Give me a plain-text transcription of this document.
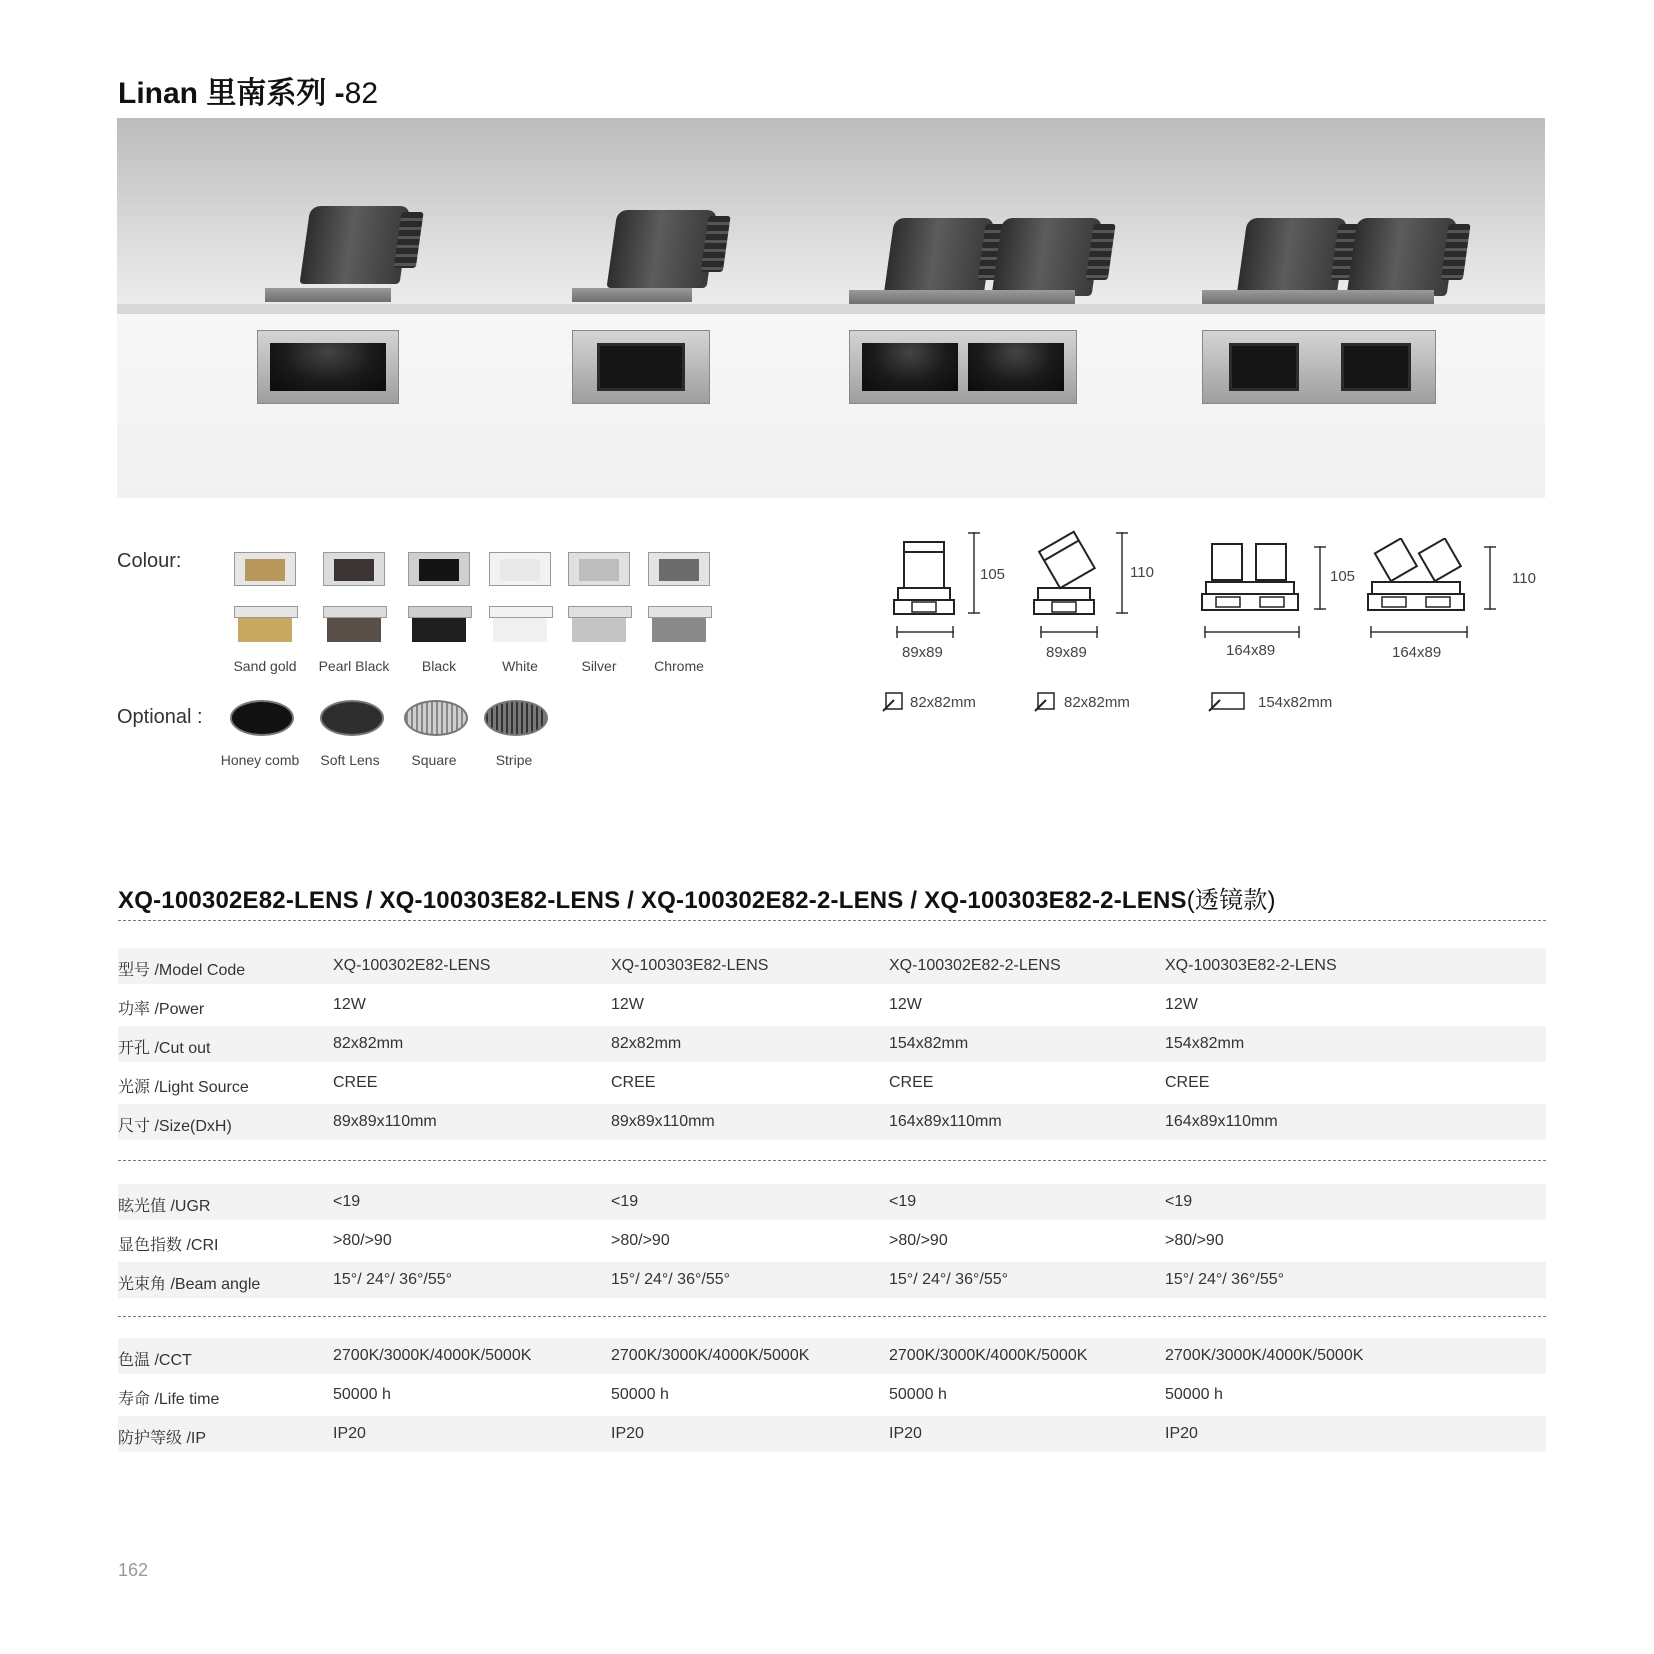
Linan 里南系列 -82
Colour:
Sand gold	Pearl Black	Black	White	Silver	Chrome
Optional :
Honey comb	Soft Lens	Square	Stripe
105	110	105	110
89x89	89x89	164x89	164x89
82x82mm	82x82mm	154x82mm
XQ-100302E82-LENS / XQ-100303E82-LENS / XQ-100302E82-2-LENS / XQ-100303E82-2-LENS(透镜款)
型号 /Model Code	XQ-100302E82-LENS	XQ-100303E82-LENS	XQ-100302E82-2-LENS	XQ-100303E82-2-LENS
功率 /Power	12W	12W	12W	12W
开孔 /Cut out	82x82mm	82x82mm	154x82mm	154x82mm
光源 /Light Source	CREE	CREE	CREE	CREE
尺寸 /Size(DxH)	89x89x110mm	89x89x110mm	164x89x110mm	164x89x110mm
眩光值 /UGR	<19	<19	<19	<19
显色指数 /CRI	>80/>90	>80/>90	>80/>90	>80/>90
光束角 /Beam angle	15°/ 24°/ 36°/55°	15°/ 24°/ 36°/55°	15°/ 24°/ 36°/55°	15°/ 24°/ 36°/55°
色温 /CCT	2700K/3000K/4000K/5000K	2700K/3000K/4000K/5000K	2700K/3000K/4000K/5000K	2700K/3000K/4000K/5000K
寿命 /Life time	50000 h	50000 h	50000 h	50000 h
防护等级 /IP	IP20	IP20	IP20	IP20
162
